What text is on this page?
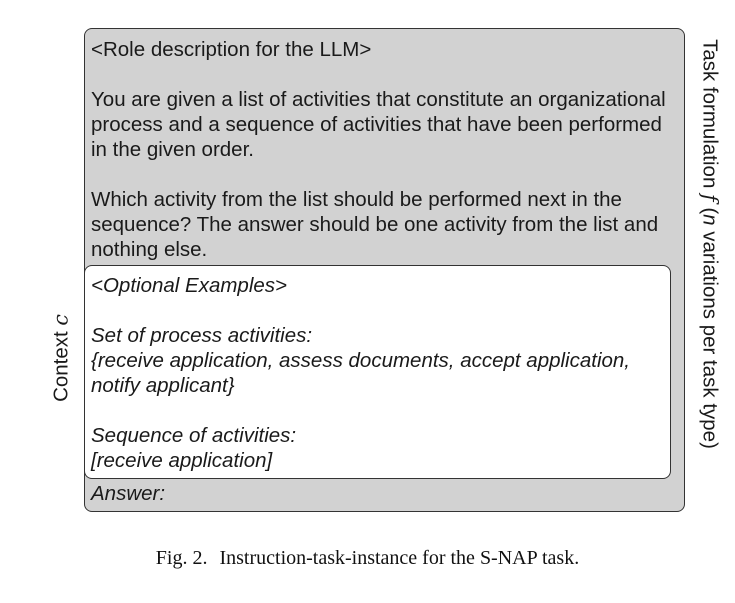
<Role description for the LLM>

You are given a list of activities that constitute an organizational process and a sequence of activities that have been performed in the given order.

Which activity from the list should be performed next in the sequence? The answer should be one activity from the list and nothing else.

<Optional Examples>

Set of process activities:

{receive application, assess documents, accept application, notify applicant}

Sequence of activities:

[receive application]

Answer:

Context c
Task formulation f (n variations per task type)
Fig. 2. Instruction-task-instance for the S-NAP task.
